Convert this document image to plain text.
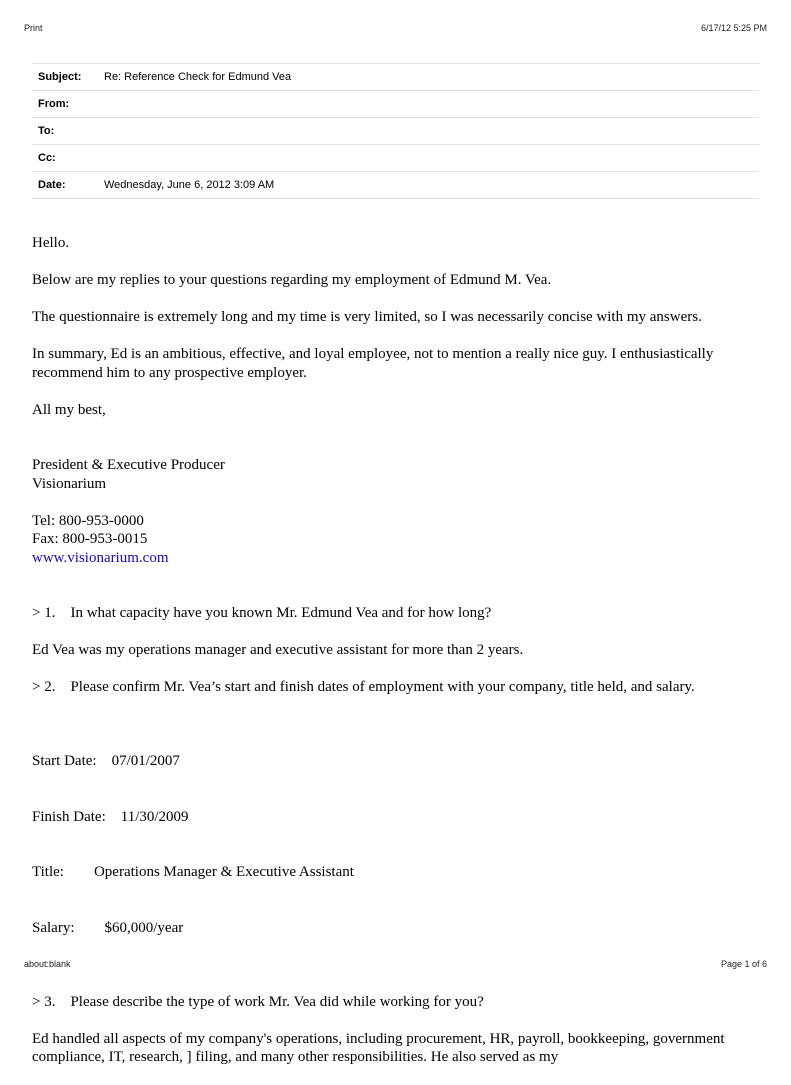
Print	6/17/12 5:25 PM
Subject:	Re: Reference Check for Edmund Vea
From:
To:
Cc:
Date:	Wednesday, June 6, 2012 3:09 AM

Hello.

Below are my replies to your questions regarding my employment of Edmund M. Vea.

The questionnaire is extremely long and my time is very limited, so I was necessarily concise with my answers.

In summary, Ed is an ambitious, effective, and loyal employee, not to mention a really nice guy. I enthusiastically recommend him to any prospective employer.

All my best,

President & Executive Producer

Visionarium

Tel: 800-953-0000

Fax: 800-953-0015

www.visionarium.com

> 1.    In what capacity have you known Mr. Edmund Vea and for how long?

Ed Vea was my operations manager and executive assistant for more than 2 years.

> 2.    Please confirm Mr. Vea’s start and finish dates of employment with your company, title held, and salary.

Start Date:    07/01/2007

Finish Date:    11/30/2009

Title:        Operations Manager & Executive Assistant

Salary:        $60,000/year

> 3.    Please describe the type of work Mr. Vea did while working for you?

Ed handled all aspects of my company's operations, including procurement, HR, payroll, bookkeeping, government compliance, IT, research, ] filing, and many other responsibilities. He also served as my

about:blank	Page 1 of 6
